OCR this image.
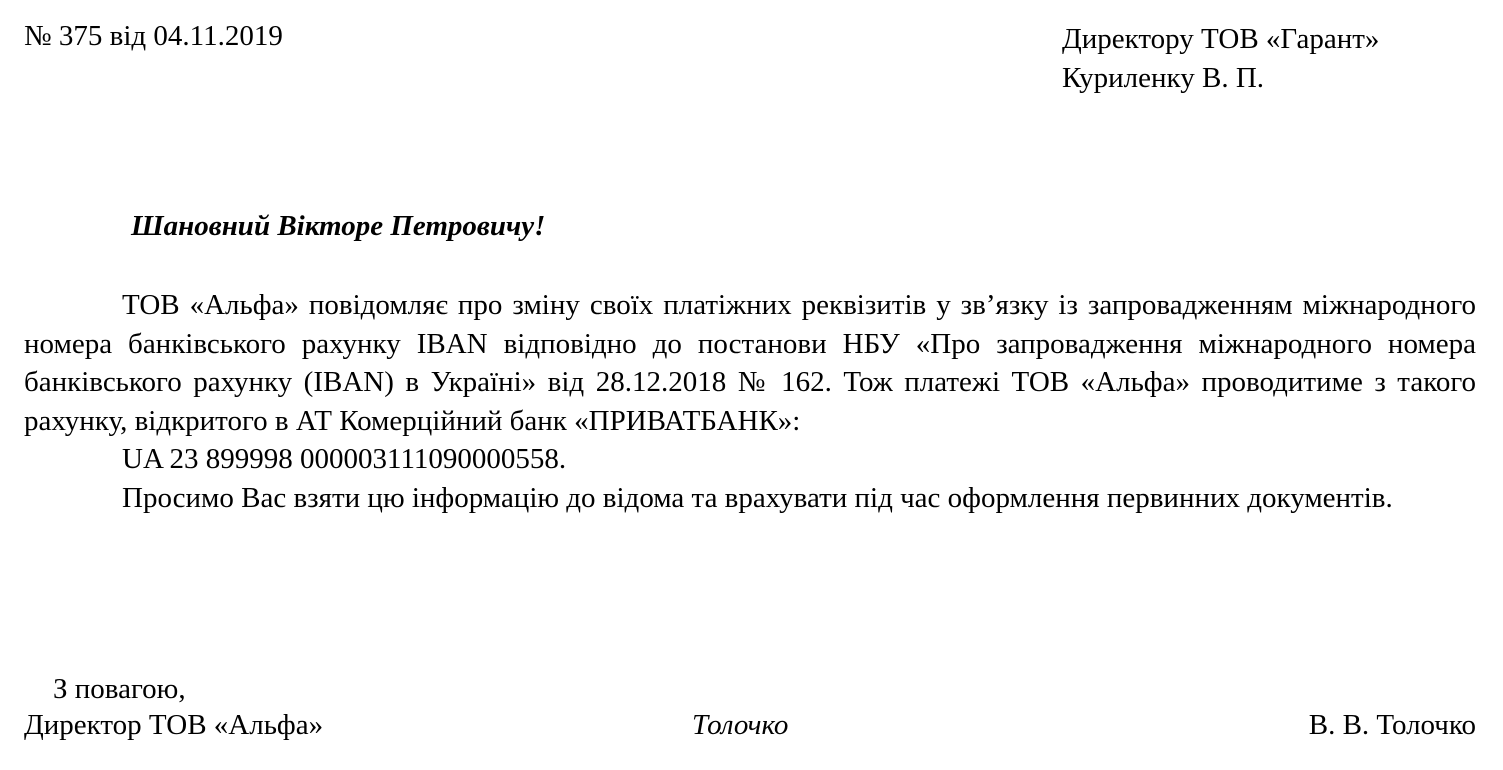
№ 375 від 04.11.2019	Директору ТОВ «Гарант»
Куриленку В. П.
Шановний Вікторе Петровичу!

ТОВ «Альфа» повідомляє про зміну своїх платіжних реквізитів у зв’язку із запровадженням міжнародного номера банківського рахунку IBAN відповідно до постанови НБУ «Про запровадження міжнародного номера банківського рахунку (IBAN) в Україні» від 28.12.2018 № 162. Тож платежі ТОВ «Альфа» проводитиме з такого рахунку, відкритого в АТ Комерційний банк «ПРИВАТБАНК»:

UA 23 899998 000003111090000558.

Просимо Вас взяти цю інформацію до відома та врахувати під час оформлення первинних документів.

З повагою,
Директор ТОВ «Альфа»	Толочко	В. В. Толочко
